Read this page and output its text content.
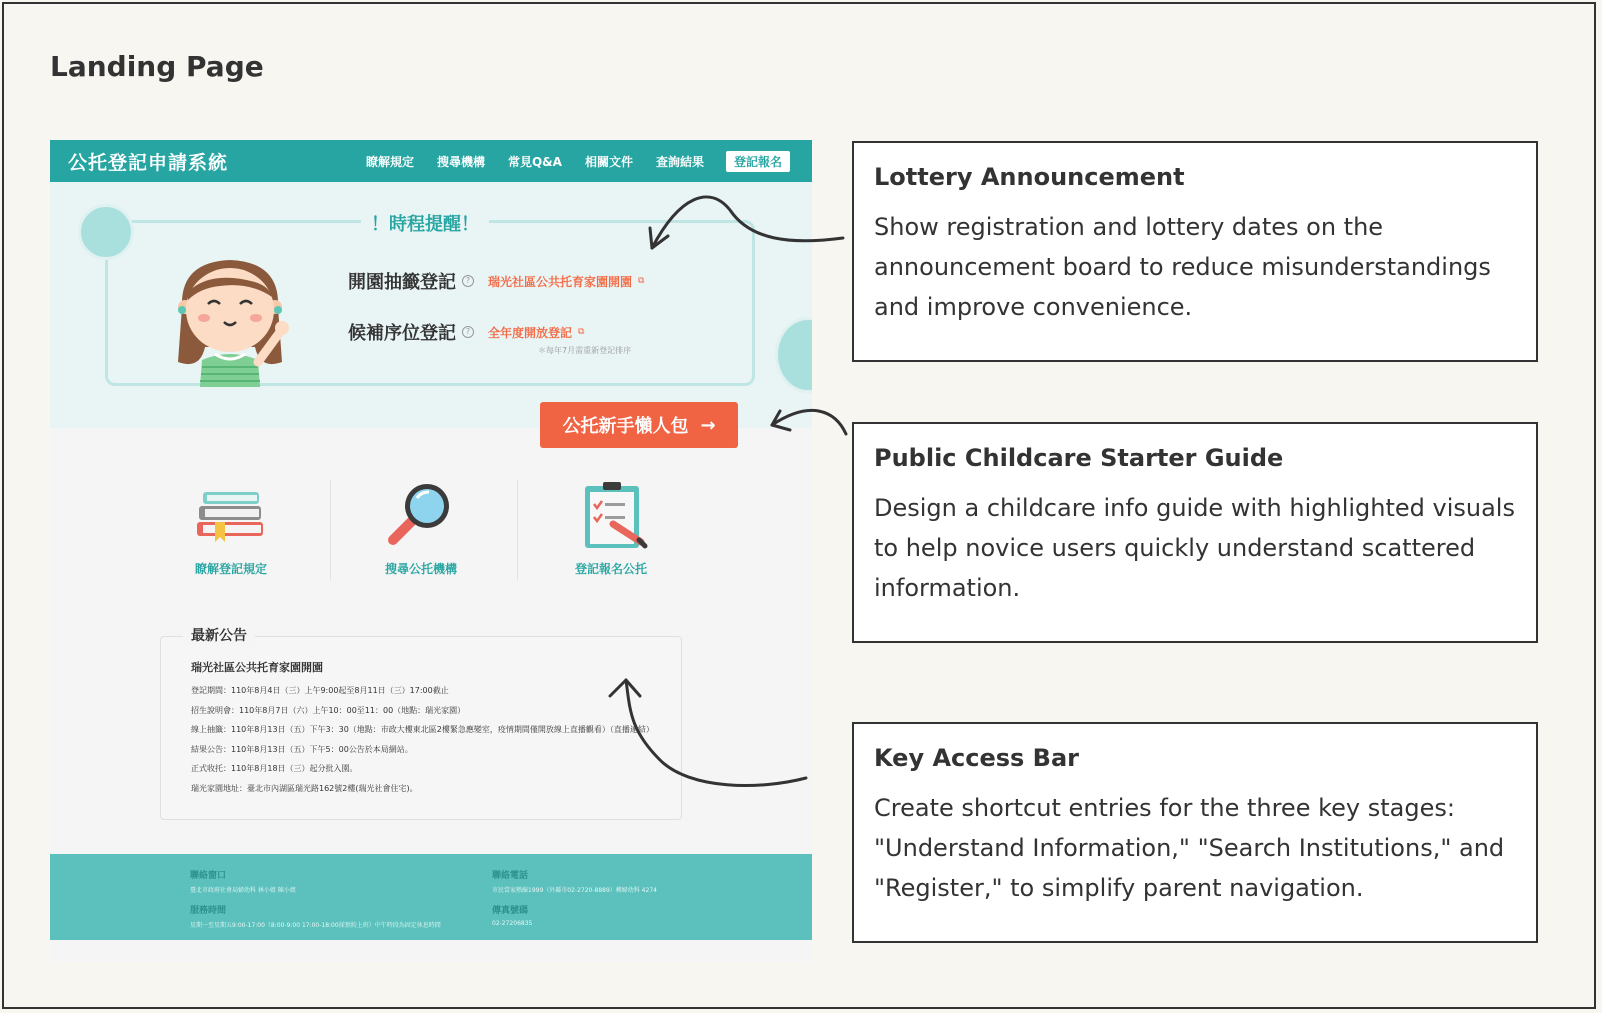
Landing Page
公托登記申請系統	瞭解規定 搜尋機構 常見Q&A 相關文件 查詢結果	登記報名
！時程提醒！
開園抽籤登記	?	瑞光社區公共托育家園開園 ⧉
候補序位登記	?	全年度開放登記 ⧉
＊每年7月需重新登記排序
公托新手懶人包 →
瞭解登記規定	搜尋公托機構	登記報名公托
最新公告
瑞光社區公共托育家園開園
登記期間：110年8月4日（三）上午9:00起至8月11日（三）17:00截止
招生說明會：110年8月7日（六）上午10：00至11：00（地點：瑞光家園）
線上抽籤：110年8月13日（五）下午3：30（地點：市政大樓東北區2樓緊急應變室，疫情期間僅開放線上直播觀看）（直播連結）
結果公告：110年8月13日（五）下午5：00公告於本局網站。
正式收托：110年8月18日（三）起分批入園。
瑞光家園地址：臺北市內湖區瑞光路162號2樓(瑞光社會住宅)。
聯絡窗口
臺北市政府社會局婦幼科 林小姐 陳小姐
服務時間
星期一至星期五9:00-17:00（8:00-9:00 17:00-18:00採預約上班）中午時段為固定休息時間
聯絡電話
市民當家熱線1999（外縣市02-2720-8889）轉婦幼科 4274
傳真號碼
02-27206835
Lottery Announcement

Show registration and lottery dates on the

announcement board to reduce misunderstandings

and improve convenience.

Public Childcare Starter Guide

Design a childcare info guide with highlighted visuals

to help novice users quickly understand scattered

information.

Key Access Bar

Create shortcut entries for the three key stages:

"Understand Information," "Search Institutions," and

"Register," to simplify parent navigation.
